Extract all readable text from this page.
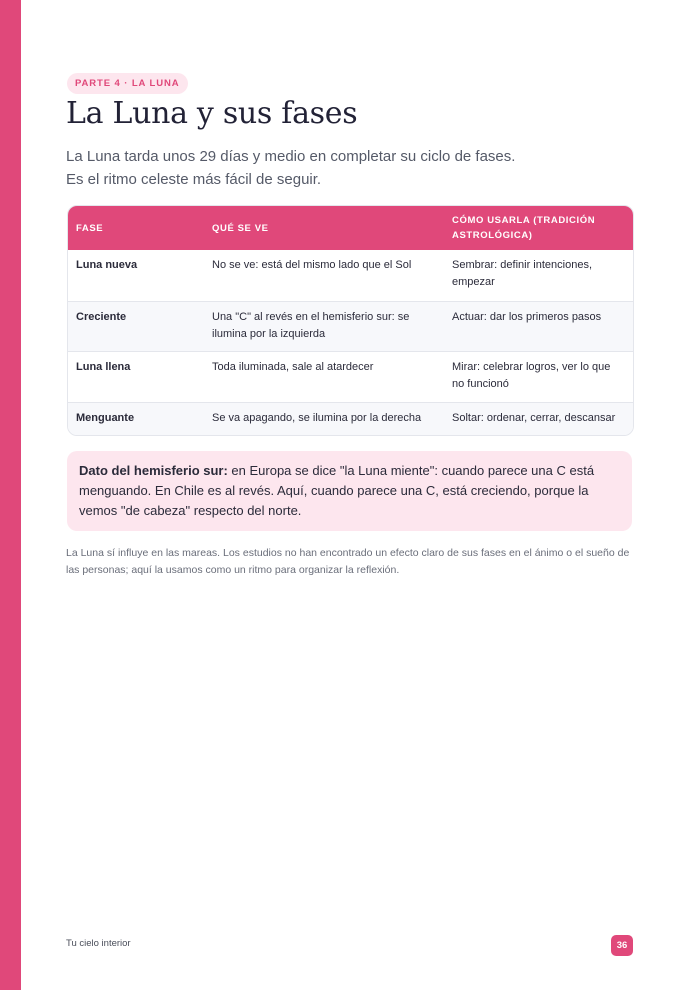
PARTE 4 · LA LUNA
La Luna y sus fases

La Luna tarda unos 29 días y medio en completar su ciclo de fases. Es el ritmo celeste más fácil de seguir.

FASE	QUÉ SE VE	CÓMO USARLA (TRADICIÓN ASTROLÓGICA)
Luna nueva	No se ve: está del mismo lado que el Sol	Sembrar: definir intenciones, empezar
Creciente	Una "C" al revés en el hemisferio sur: se ilumina por la izquierda	Actuar: dar los primeros pasos
Luna llena	Toda iluminada, sale al atardecer	Mirar: celebrar logros, ver lo que no funcionó
Menguante	Se va apagando, se ilumina por la derecha	Soltar: ordenar, cerrar, descansar
Dato del hemisferio sur: en Europa se dice "la Luna miente": cuando parece una C está menguando. En Chile es al revés. Aquí, cuando parece una C, está creciendo, porque la vemos "de cabeza" respecto del norte.

La Luna sí influye en las mareas. Los estudios no han encontrado un efecto claro de sus fases en el ánimo o el sueño de las personas; aquí la usamos como un ritmo para organizar la reflexión.

Tu cielo interior	36
